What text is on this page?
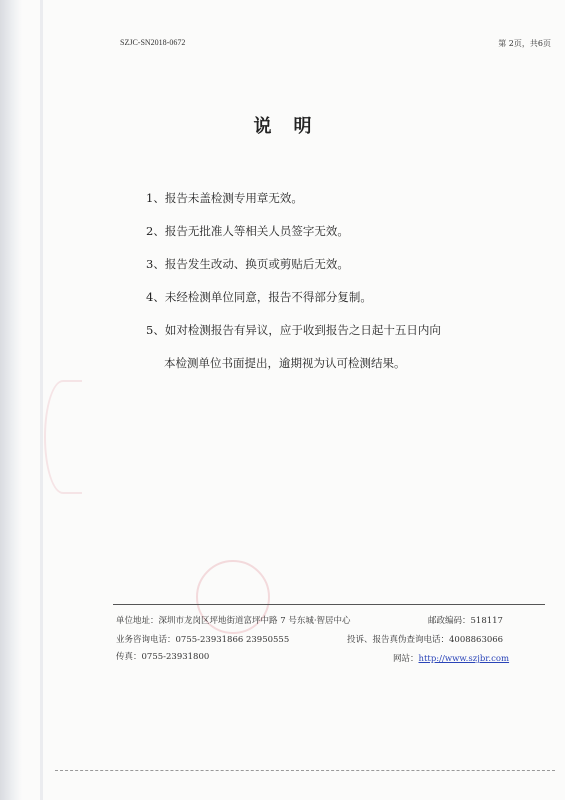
SZJC-SN2018-0672	第 2页，共6页
说明
1、报告未盖检测专用章无效。
2、报告无批准人等相关人员签字无效。
3、报告发生改动、换页或剪贴后无效。
4、未经检测单位同意，报告不得部分复制。
5、如对检测报告有异议，应于收到报告之日起十五日内向
本检测单位书面提出，逾期视为认可检测结果。
单位地址：深圳市龙岗区坪地街道富坪中路 7 号东城·智居中心	邮政编码：518117
业务咨询电话：0755-23931866 23950555	投诉、报告真伪查询电话：4008863066
传真：0755-23931800	网站：http://www.szjbr.com
